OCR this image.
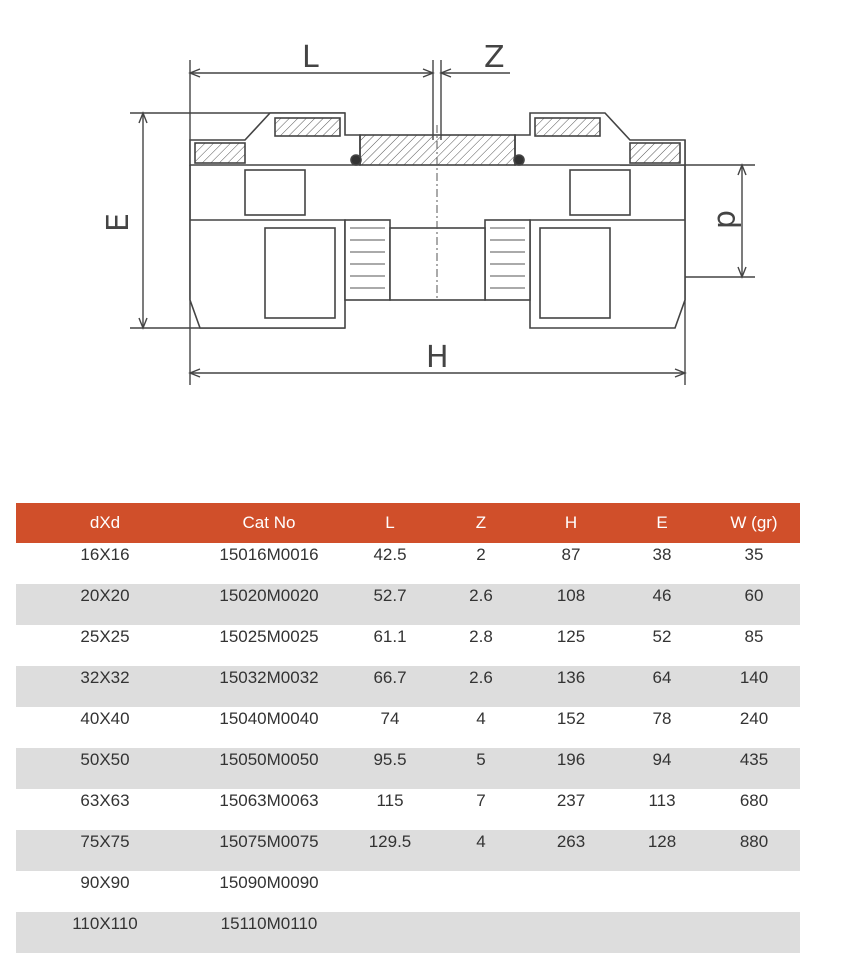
L	Z
E	d
H
dXd	Cat No	L	Z	H	E	W (gr)
16X16	15016M0016	42.5	2	87	38	35
20X20	15020M0020	52.7	2.6	108	46	60
25X25	15025M0025	61.1	2.8	125	52	85
32X32	15032M0032	66.7	2.6	136	64	140
40X40	15040M0040	74	4	152	78	240
50X50	15050M0050	95.5	5	196	94	435
63X63	15063M0063	115	7	237	113	680
75X75	15075M0075	129.5	4	263	128	880
90X90	15090M0090					
110X110	15110M0110					
